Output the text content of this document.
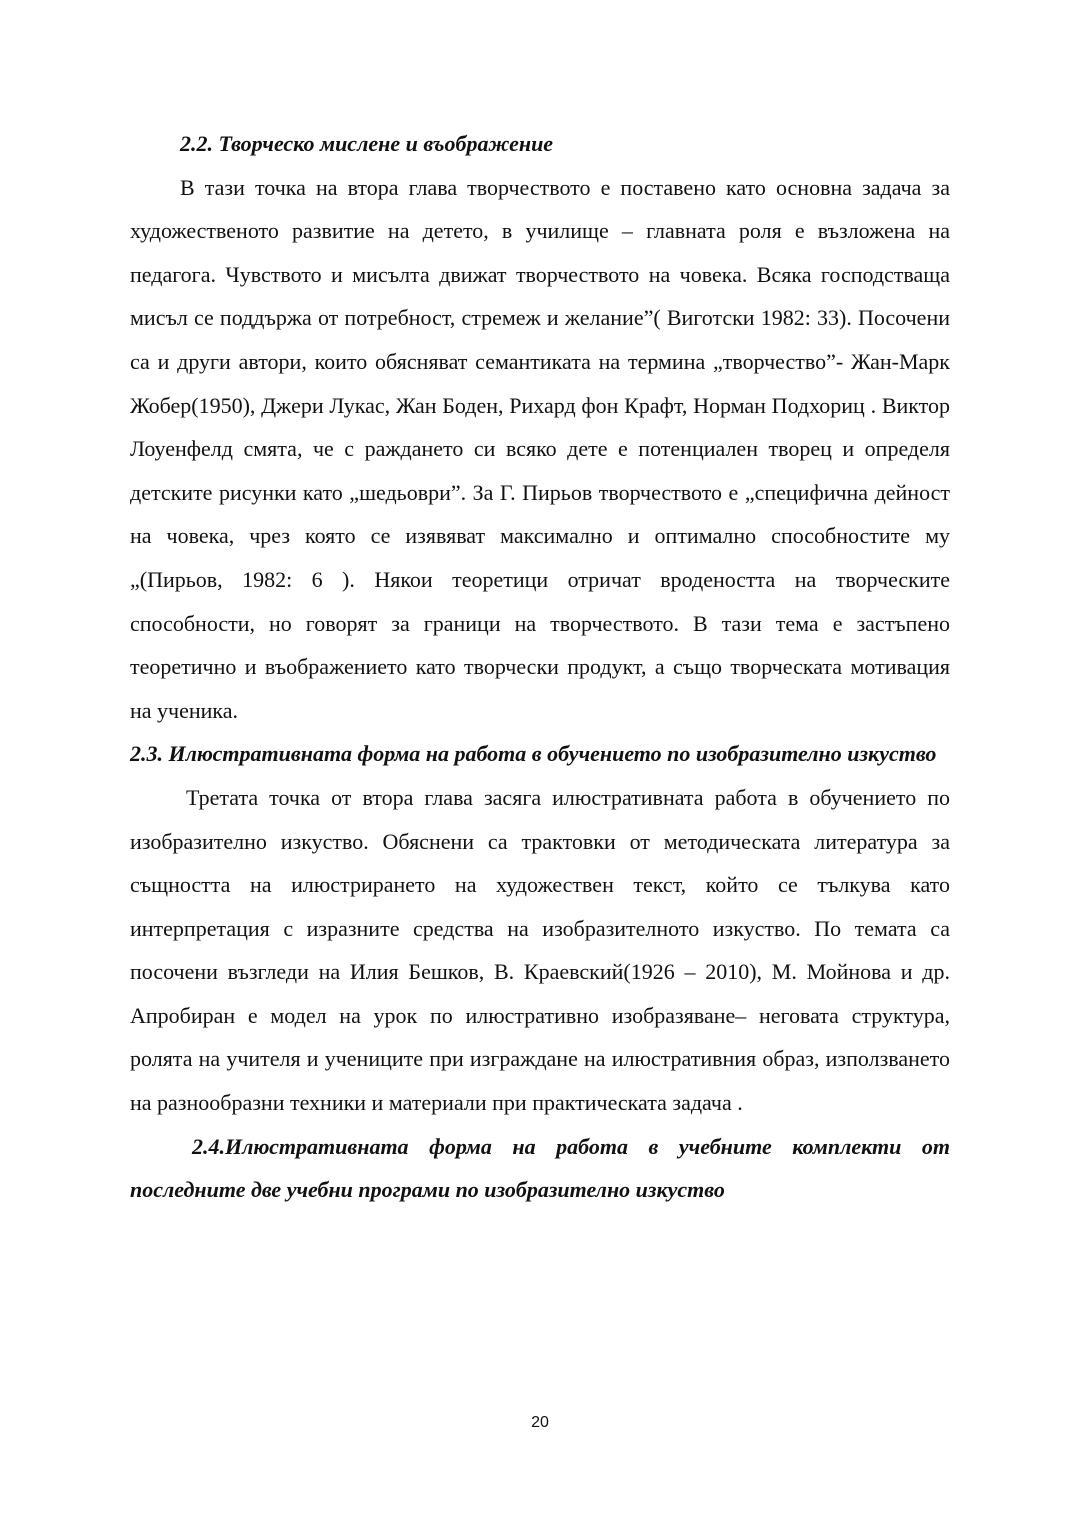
2.2. Творческо мислене и въображение

В тази точка на втора глава творчеството е поставено като основна задача за художественото развитие на детето, в училище – главната роля е възложена на педагога. Чувството и мисълта движат творчеството на човека. Всяка господстваща мисъл се поддържа от потребност, стремеж и желание”( Виготски 1982: 33). Посочени са и други автори, които обясняват семантиката на термина „творчество”- Жан-Марк Жобер(1950), Джери Лукас, Жан Боден, Рихард фон Крафт, Норман Подхориц . Виктор Лоуенфелд смята, че с раждането си всяко дете е потенциален творец и определя детските рисунки като „шедьоври”. За Г. Пирьов творчеството е „специфична дейност на човека, чрез която се изявяват максимално и оптимално способностите му „(Пирьов, 1982: 6 ). Някои теоретици отричат вродеността на творческите способности, но говорят за граници на творчеството. В тази тема е застъпено теоретично и въображението като творчески продукт, а също творческата мотивация на ученика.

2.3. Илюстративната форма на работа в обучението по изобразително изкуство

Третата точка от втора глава засяга илюстративната работа в обучението по изобразително изкуство. Обяснени са трактовки от методическата литература за същността на илюстрирането на художествен текст, който се тълкува като интерпретация с изразните средства на изобразителното изкуство. По темата са посочени възгледи на Илия Бешков, В. Краевский(1926 – 2010), М. Мойнова и др. Апробиран е модел на урок по илюстративно изобразяване– неговата структура, ролята на учителя и учениците при изграждане на илюстративния образ, използването на разнообразни техники и материали при практическата задача .

2.4.Илюстративната форма на работа в учебните комплекти от последните две учебни програми по изобразително изкуство

20
